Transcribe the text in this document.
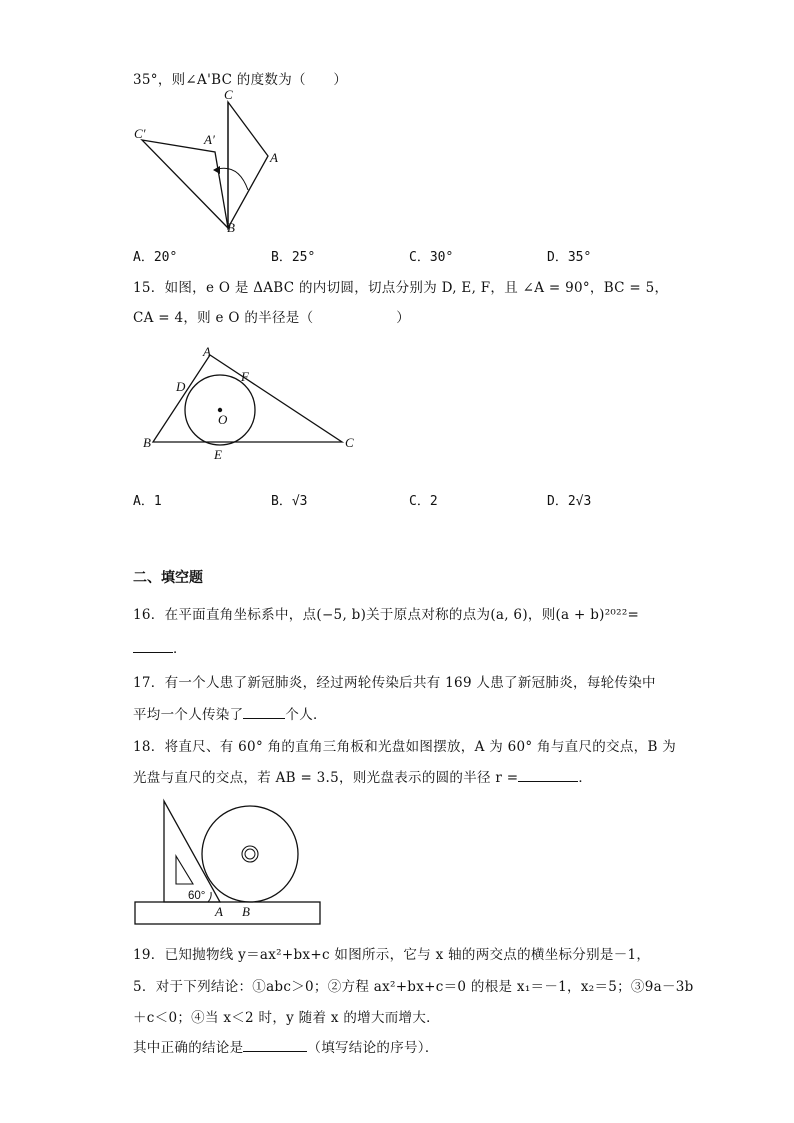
35°，则∠A'BC 的度数为（　　）
C
C′	A′
A
B
A．20°	B．25°	C．30°	D．35°
15．如图，e O 是 ΔABC 的内切圆，切点分别为 D, E, F，且 ∠A = 90°，BC = 5，
CA = 4，则 e O 的半径是（　　　　　　）
A
B	C
D
E
F
O
A．1	B．√3	C．2	D．2√3
二、填空题
16．在平面直角坐标系中，点(−5, b)关于原点对称的点为(a, 6)，则(a + b)²⁰²²=
．
17．有一个人患了新冠肺炎，经过两轮传染后共有 169 人患了新冠肺炎，每轮传染中
平均一个人传染了	个人．
18．将直尺、有 60° 角的直角三角板和光盘如图摆放，A 为 60° 角与直尺的交点，B 为
光盘与直尺的交点，若 AB = 3.5，则光盘表示的圆的半径 r =	．
60°
A B
19．已知抛物线 y＝ax²+bx+c 如图所示，它与 x 轴的两交点的横坐标分别是－1，
5．对于下列结论：①abc＞0；②方程 ax²+bx+c＝0 的根是 x₁＝－1，x₂＝5；③9a－3b
＋c＜0；④当 x＜2 时，y 随着 x 的增大而增大．
其中正确的结论是	（填写结论的序号）．
